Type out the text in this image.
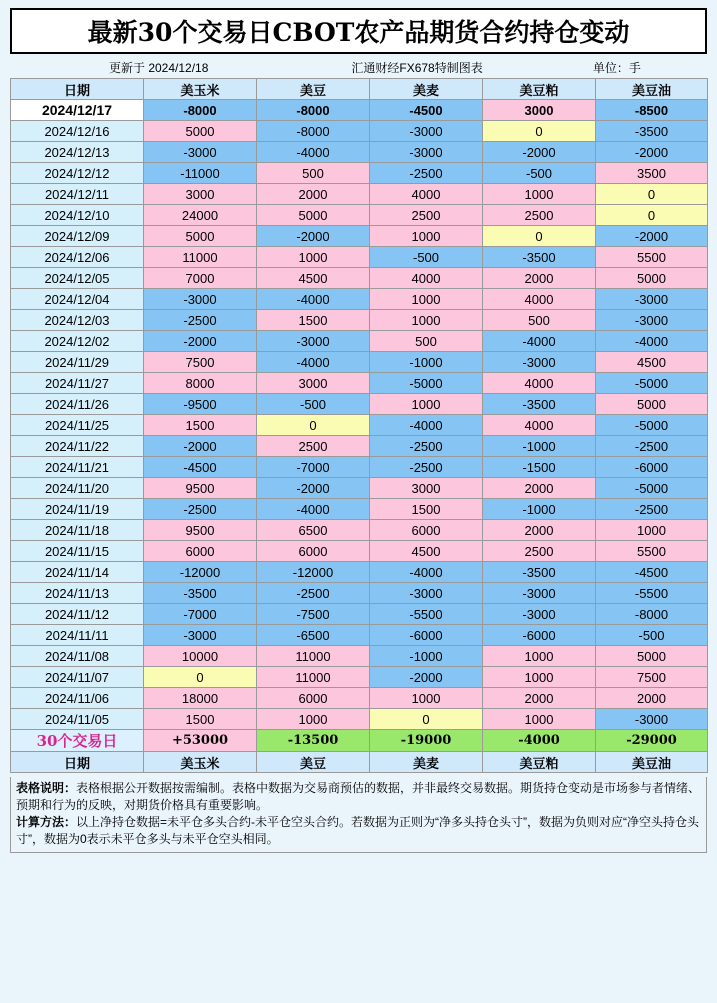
最新30个交易日CBOT农产品期货合约持仓变动
更新于 2024/12/18	汇通财经FX678特制图表	单位：手
日期	美玉米	美豆	美麦	美豆粕	美豆油
2024/12/17	-8000	-8000	-4500	3000	-8500
2024/12/16	5000	-8000	-3000	0	-3500
2024/12/13	-3000	-4000	-3000	-2000	-2000
2024/12/12	-11000	500	-2500	-500	3500
2024/12/11	3000	2000	4000	1000	0
2024/12/10	24000	5000	2500	2500	0
2024/12/09	5000	-2000	1000	0	-2000
2024/12/06	11000	1000	-500	-3500	5500
2024/12/05	7000	4500	4000	2000	5000
2024/12/04	-3000	-4000	1000	4000	-3000
2024/12/03	-2500	1500	1000	500	-3000
2024/12/02	-2000	-3000	500	-4000	-4000
2024/11/29	7500	-4000	-1000	-3000	4500
2024/11/27	8000	3000	-5000	4000	-5000
2024/11/26	-9500	-500	1000	-3500	5000
2024/11/25	1500	0	-4000	4000	-5000
2024/11/22	-2000	2500	-2500	-1000	-2500
2024/11/21	-4500	-7000	-2500	-1500	-6000
2024/11/20	9500	-2000	3000	2000	-5000
2024/11/19	-2500	-4000	1500	-1000	-2500
2024/11/18	9500	6500	6000	2000	1000
2024/11/15	6000	6000	4500	2500	5500
2024/11/14	-12000	-12000	-4000	-3500	-4500
2024/11/13	-3500	-2500	-3000	-3000	-5500
2024/11/12	-7000	-7500	-5500	-3000	-8000
2024/11/11	-3000	-6500	-6000	-6000	-500
2024/11/08	10000	11000	-1000	1000	5000
2024/11/07	0	11000	-2000	1000	7500
2024/11/06	18000	6000	1000	2000	2000
2024/11/05	1500	1000	0	1000	-3000
30个交易日	+53000	-13500	-19000	-4000	-29000
日期	美玉米	美豆	美麦	美豆粕	美豆油

表格说明：表格根据公开数据按需编制。表格中数据为交易商预估的数据，并非最终交易数据。期货持仓变动是市场参与者情绪、预期和行为的反映，对期货价格具有重要影响。

计算方法：以上净持仓数据=未平仓多头合约-未平仓空头合约。若数据为正则为“净多头持仓头寸”，数据为负则对应“净空头持仓头寸”，数据为0表示未平仓多头与未平仓空头相同。
